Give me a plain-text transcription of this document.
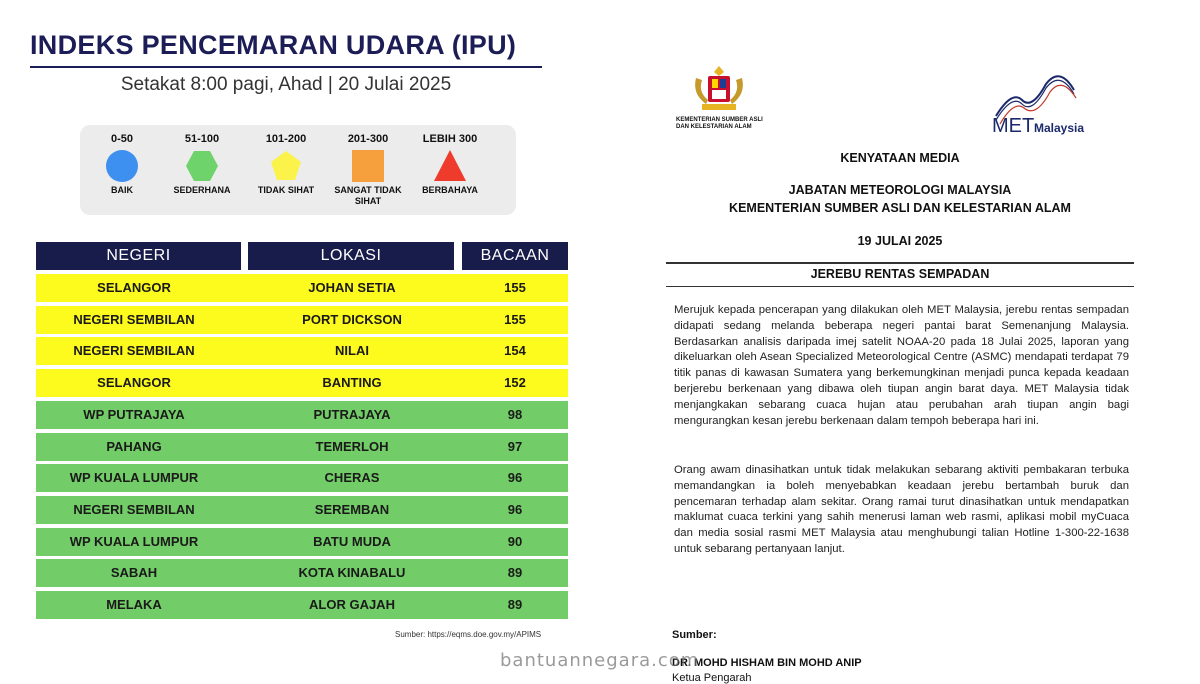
INDEKS PENCEMARAN UDARA (IPU)
Setakat 8:00 pagi, Ahad | 20 Julai 2025
0-50
BAIK
51-100
SEDERHANA
101-200
TIDAK SIHAT
201-300
SANGAT TIDAK SIHAT
LEBIH 300
BERBAHAYA
NEGERI	LOKASI	BACAAN
SELANGOR	JOHAN SETIA	155
NEGERI SEMBILAN	PORT DICKSON	155
NEGERI SEMBILAN	NILAI	154
SELANGOR	BANTING	152
WP PUTRAJAYA	PUTRAJAYA	98
PAHANG	TEMERLOH	97
WP KUALA LUMPUR	CHERAS	96
NEGERI SEMBILAN	SEREMBAN	96
WP KUALA LUMPUR	BATU MUDA	90
SABAH	KOTA KINABALU	89
MELAKA	ALOR GAJAH	89
Sumber: https://eqms.doe.gov.my/APIMS
KEMENTERIAN SUMBER ASLI
DAN KELESTARIAN ALAM	MET Malaysia
KENYATAAN MEDIA
JABATAN METEOROLOGI MALAYSIA
KEMENTERIAN SUMBER ASLI DAN KELESTARIAN ALAM
19 JULAI 2025
JEREBU RENTAS SEMPADAN
Merujuk kepada pencerapan yang dilakukan oleh MET Malaysia, jerebu rentas sempadan didapati sedang melanda beberapa negeri pantai barat Semenanjung Malaysia. Berdasarkan analisis daripada imej satelit NOAA-20 pada 18 Julai 2025, laporan yang dikeluarkan oleh Asean Specialized Meteorological Centre (ASMC) mendapati terdapat 79 titik panas di kawasan Sumatera yang berkemungkinan menjadi punca kepada keadaan berjerebu berkenaan yang dibawa oleh tiupan angin barat daya. MET Malaysia tidak menjangkakan sebarang cuaca hujan atau perubahan arah tiupan angin bagi mengurangkan kesan jerebu berkenaan dalam tempoh beberapa hari ini.
Orang awam dinasihatkan untuk tidak melakukan sebarang aktiviti pembakaran terbuka memandangkan ia boleh menyebabkan keadaan jerebu bertambah buruk dan pencemaran terhadap alam sekitar. Orang ramai turut dinasihatkan untuk mendapatkan maklumat cuaca terkini yang sahih menerusi laman web rasmi, aplikasi mobil myCuaca dan media sosial rasmi MET Malaysia atau menghubungi talian Hotline 1-300-22-1638 untuk sebarang pertanyaan lanjut.
Sumber:
DR. MOHD HISHAM BIN MOHD ANIP
Ketua Pengarah
bantuannegara.com
